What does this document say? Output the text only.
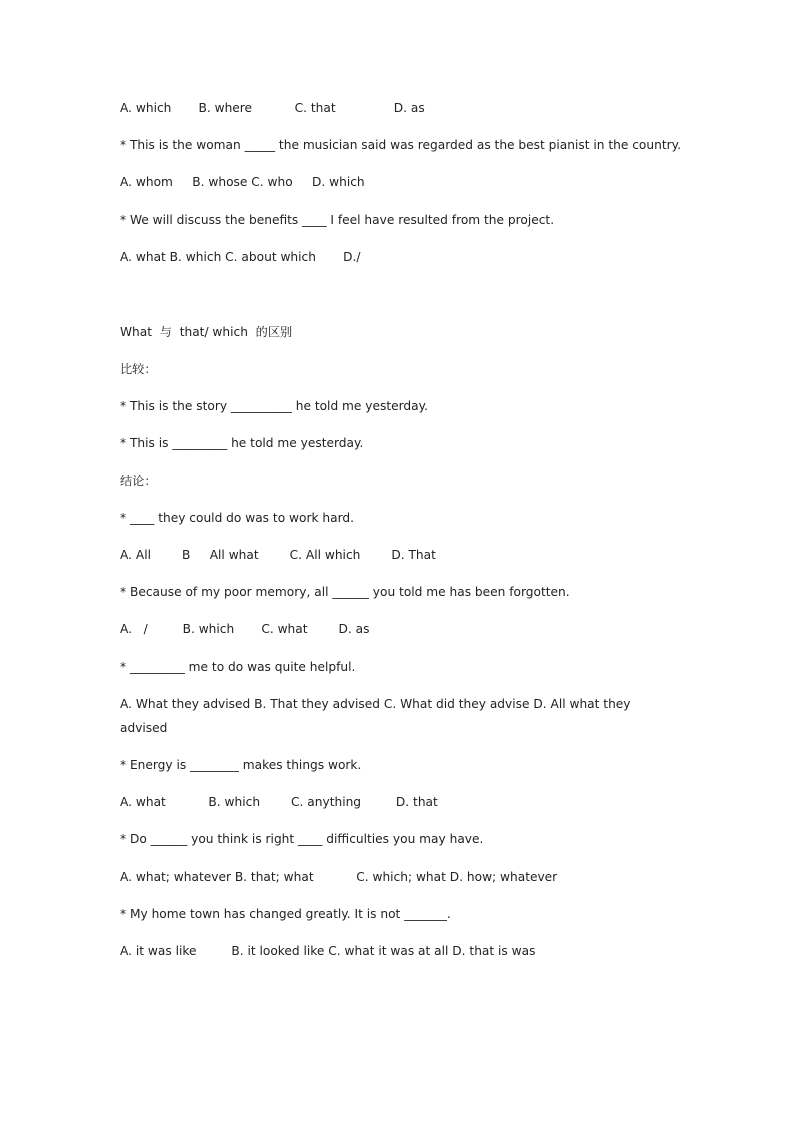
A. which       B. where           C. that               D. as
* This is the woman _____ the musician said was regarded as the best pianist in the country.
A. whom     B. whose C. who     D. which
* We will discuss the benefits ____ I feel have resulted from the project.
A. what B. which C. about which       D./
What  与  that/ which  的区别
比较：
* This is the story __________ he told me yesterday.
* This is _________ he told me yesterday.
结论：
* ____ they could do was to work hard.
A. All        B     All what        C. All which        D. That
* Because of my poor memory, all ______ you told me has been forgotten.
A.   /         B. which       C. what        D. as
* _________ me to do was quite helpful.
A. What they advised B. That they advised C. What did they advise D. All what they advised
* Energy is ________ makes things work.
A. what           B. which        C. anything         D. that
* Do ______ you think is right ____ difficulties you may have.
A. what; whatever B. that; what           C. which; what D. how; whatever
* My home town has changed greatly. It is not _______.
A. it was like         B. it looked like C. what it was at all D. that is was
